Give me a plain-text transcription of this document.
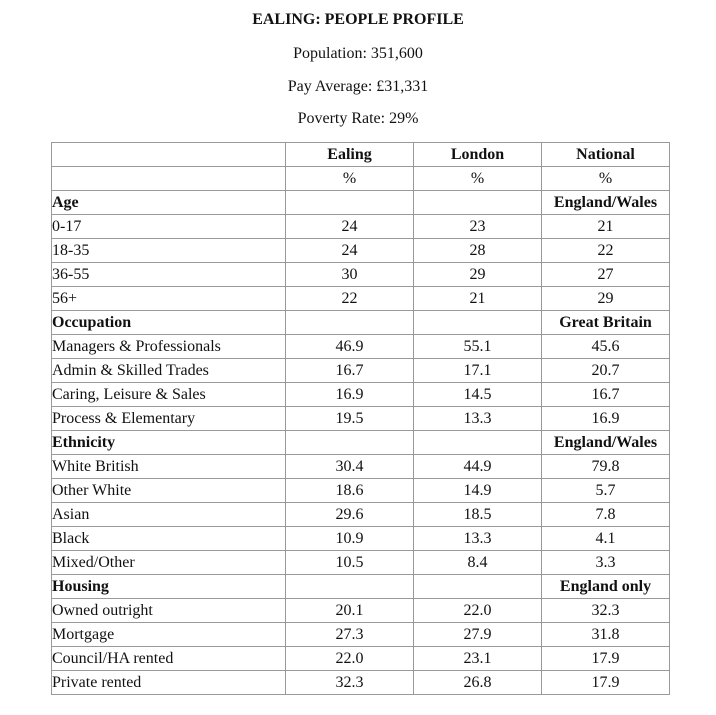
EALING: PEOPLE PROFILE
Population: 351,600
Pay Average: £31,331
Poverty Rate: 29%
	Ealing	London	National
	%	%	%
Age			England/Wales
0-17	24	23	21
18-35	24	28	22
36-55	30	29	27
56+	22	21	29
Occupation			Great Britain
Managers & Professionals	46.9	55.1	45.6
Admin & Skilled Trades	16.7	17.1	20.7
Caring, Leisure & Sales	16.9	14.5	16.7
Process & Elementary	19.5	13.3	16.9
Ethnicity			England/Wales
White British	30.4	44.9	79.8
Other White	18.6	14.9	5.7
Asian	29.6	18.5	7.8
Black	10.9	13.3	4.1
Mixed/Other	10.5	8.4	3.3
Housing			England only
Owned outright	20.1	22.0	32.3
Mortgage	27.3	27.9	31.8
Council/HA rented	22.0	23.1	17.9
Private rented	32.3	26.8	17.9
